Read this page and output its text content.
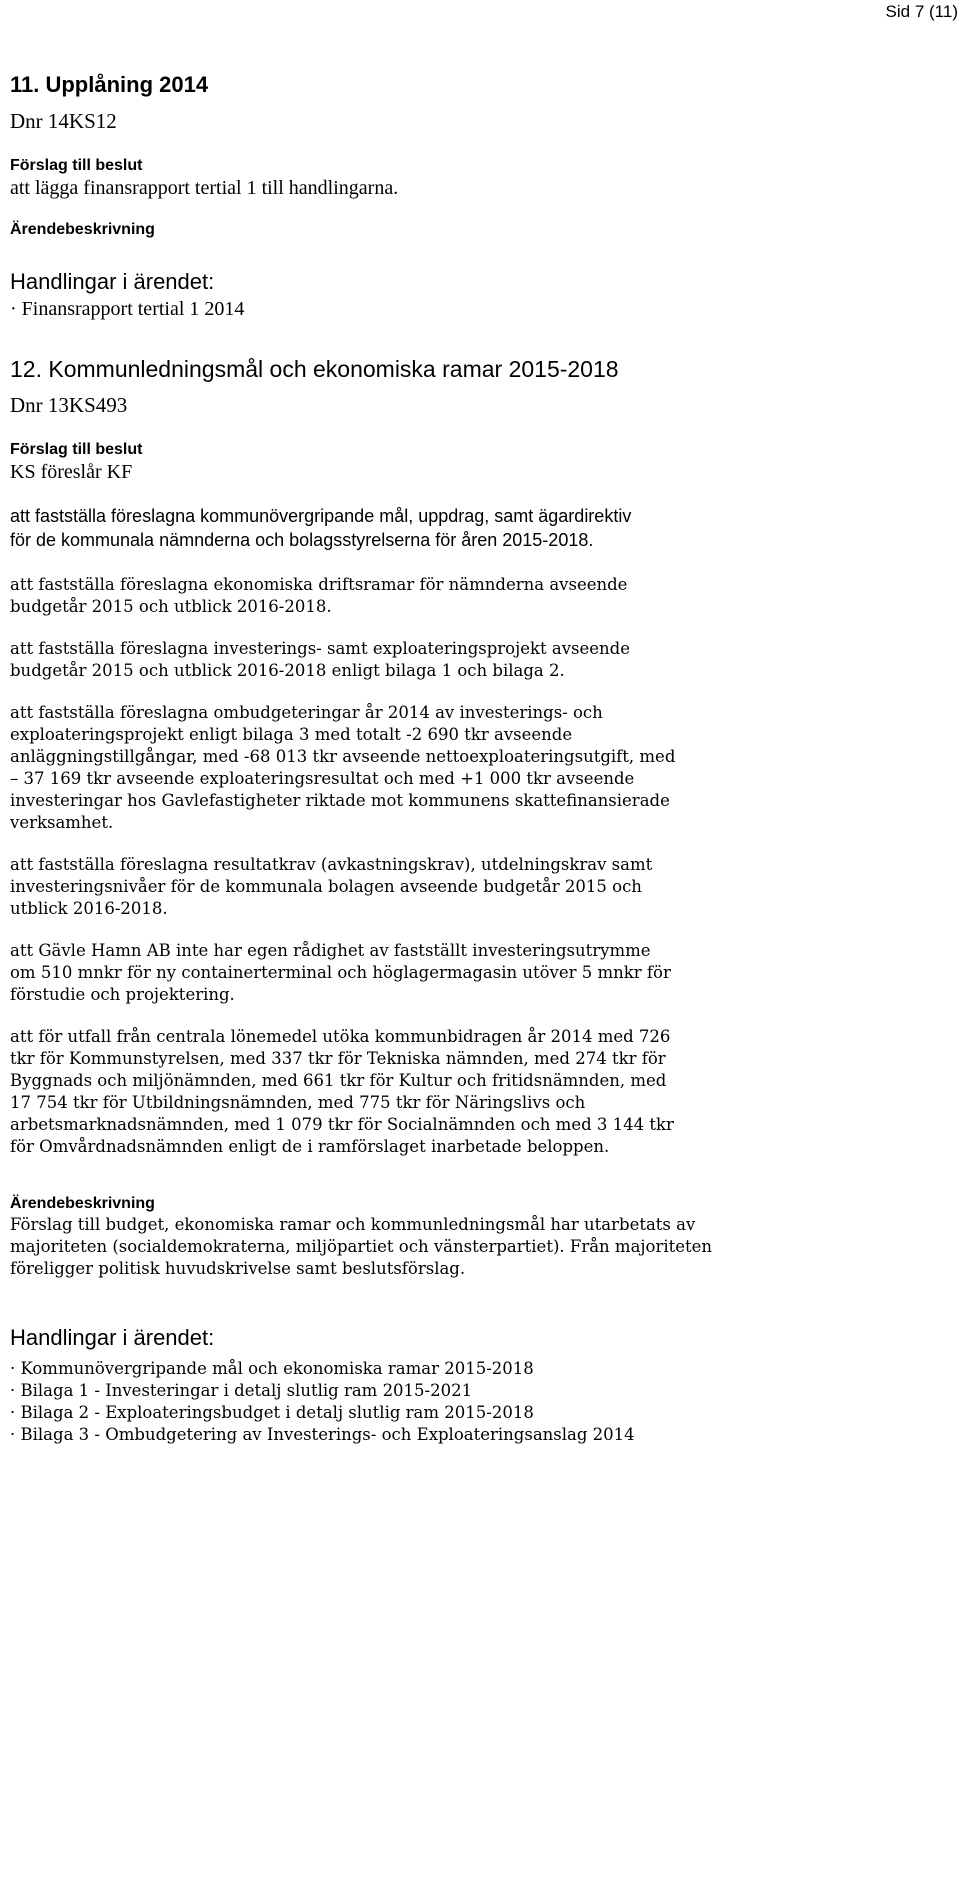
Sid 7 (11)

11. Upplåning 2014

Dnr 14KS12

Förslag till beslut

att lägga finansrapport tertial 1 till handlingarna.

Ärendebeskrivning

Handlingar i ärendet:

· Finansrapport tertial 1 2014

12. Kommunledningsmål och ekonomiska ramar 2015-2018

Dnr 13KS493

Förslag till beslut

KS föreslår KF

att fastställa föreslagna kommunövergripande mål, uppdrag, samt ägardirektiv

för de kommunala nämnderna och bolagsstyrelserna för åren 2015-2018.

att fastställa föreslagna ekonomiska driftsramar för nämnderna avseende

budgetår 2015 och utblick 2016-2018.

att fastställa föreslagna investerings- samt exploateringsprojekt avseende

budgetår 2015 och utblick 2016-2018 enligt bilaga 1 och bilaga 2.

att fastställa föreslagna ombudgeteringar år 2014 av investerings- och

exploateringsprojekt enligt bilaga 3 med totalt -2 690 tkr avseende

anläggningstillgångar, med -68 013 tkr avseende nettoexploateringsutgift, med

– 37 169 tkr avseende exploateringsresultat och med +1 000 tkr avseende

investeringar hos Gavlefastigheter riktade mot kommunens skattefinansierade

verksamhet.

att fastställa föreslagna resultatkrav (avkastningskrav), utdelningskrav samt

investeringsnivåer för de kommunala bolagen avseende budgetår 2015 och

utblick 2016-2018.

att Gävle Hamn AB inte har egen rådighet av fastställt investeringsutrymme

om 510 mnkr för ny containerterminal och höglagermagasin utöver 5 mnkr för

förstudie och projektering.

att för utfall från centrala lönemedel utöka kommunbidragen år 2014 med 726

tkr för Kommunstyrelsen, med 337 tkr för Tekniska nämnden, med 274 tkr för

Byggnads och miljönämnden, med 661 tkr för Kultur och fritidsnämnden, med

17 754 tkr för Utbildningsnämnden, med 775 tkr för Näringslivs och

arbetsmarknadsnämnden, med 1 079 tkr för Socialnämnden och med 3 144 tkr

för Omvårdnadsnämnden enligt de i ramförslaget inarbetade beloppen.

Ärendebeskrivning

Förslag till budget, ekonomiska ramar och kommunledningsmål har utarbetats av

majoriteten (socialdemokraterna, miljöpartiet och vänsterpartiet). Från majoriteten

föreligger politisk huvudskrivelse samt beslutsförslag.

Handlingar i ärendet:

· Kommunövergripande mål och ekonomiska ramar 2015-2018

· Bilaga 1 - Investeringar i detalj slutlig ram 2015-2021

· Bilaga 2 - Exploateringsbudget i detalj slutlig ram 2015-2018

· Bilaga 3 - Ombudgetering av Investerings- och Exploateringsanslag 2014
